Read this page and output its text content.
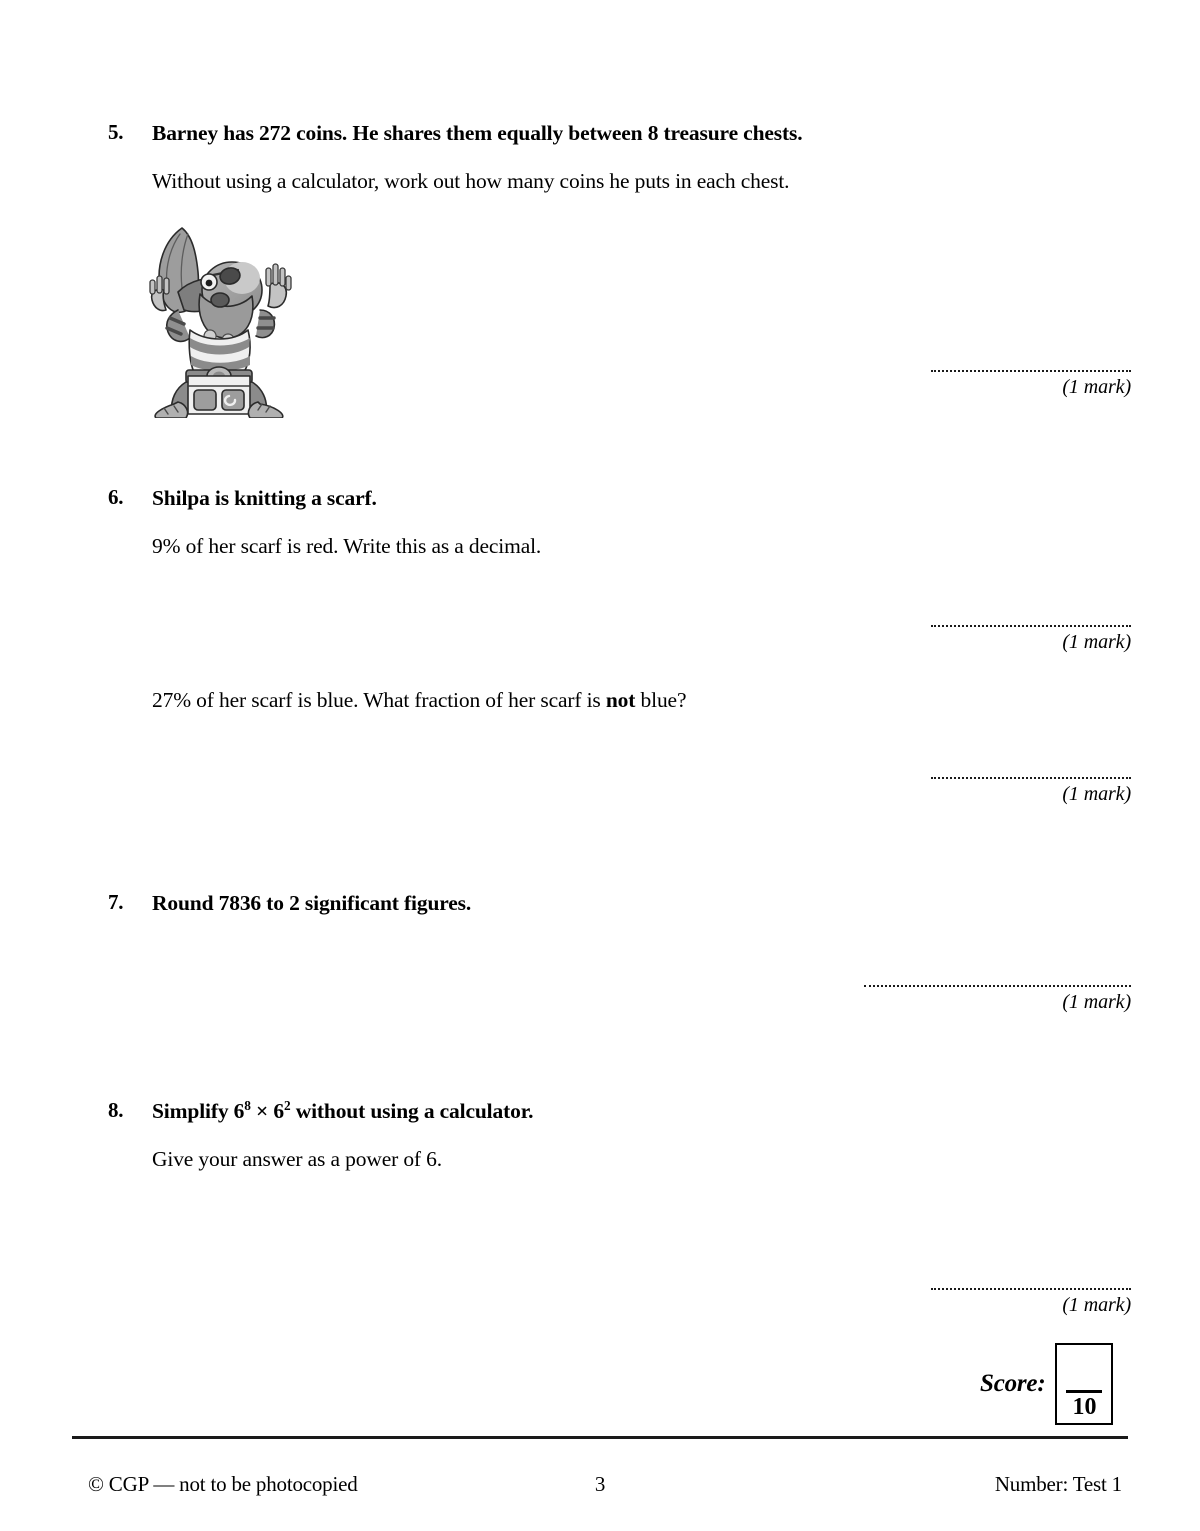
5.	Barney has 272 coins. He shares them equally between 8 treasure chests.
Without using a calculator, work out how many coins he puts in each chest.
(1 mark)
6.	Shilpa is knitting a scarf.
9% of her scarf is red. Write this as a decimal.
(1 mark)
27% of her scarf is blue. What fraction of her scarf is not blue?
(1 mark)
7.	Round 7836 to 2 significant figures.
(1 mark)
8.	Simplify $6^8 \times 6^2$ without using a calculator.
Give your answer as a power of 6.
(1 mark)
Score:
10
© CGP — not to be photocopied	3	Number: Test 1
